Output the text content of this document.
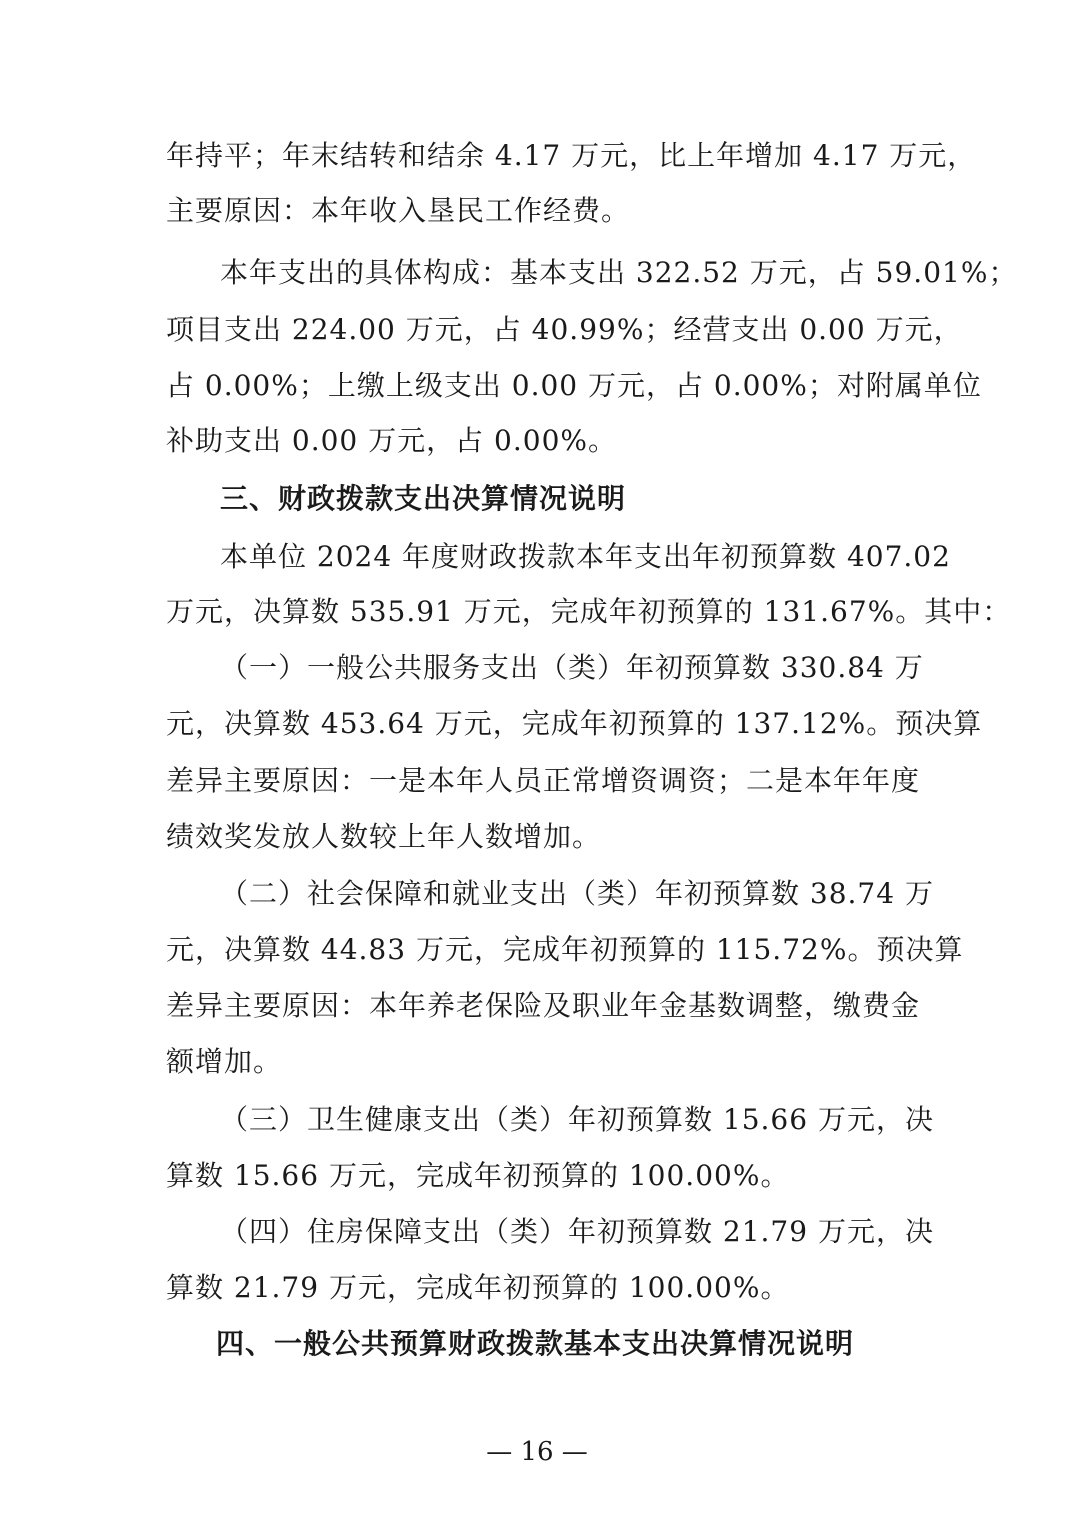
年持平；年末结转和结余 4.17 万元，比上年增加 4.17 万元，
主要原因：本年收入垦民工作经费。
本年支出的具体构成：基本支出 322.52 万元，占 59.01%；
项目支出 224.00 万元，占 40.99%；经营支出 0.00 万元，
占 0.00%；上缴上级支出 0.00 万元，占 0.00%；对附属单位
补助支出 0.00 万元，占 0.00%。
三、财政拨款支出决算情况说明
本单位 2024 年度财政拨款本年支出年初预算数 407.02
万元，决算数 535.91 万元，完成年初预算的 131.67%。其中：
（一）一般公共服务支出（类）年初预算数 330.84 万
元，决算数 453.64 万元，完成年初预算的 137.12%。预决算
差异主要原因：一是本年人员正常增资调资；二是本年年度
绩效奖发放人数较上年人数增加。
（二）社会保障和就业支出（类）年初预算数 38.74 万
元，决算数 44.83 万元，完成年初预算的 115.72%。预决算
差异主要原因：本年养老保险及职业年金基数调整，缴费金
额增加。
（三）卫生健康支出（类）年初预算数 15.66 万元，决
算数 15.66 万元，完成年初预算的 100.00%。
（四）住房保障支出（类）年初预算数 21.79 万元，决
算数 21.79 万元，完成年初预算的 100.00%。
四、一般公共预算财政拨款基本支出决算情况说明
— 16 —
